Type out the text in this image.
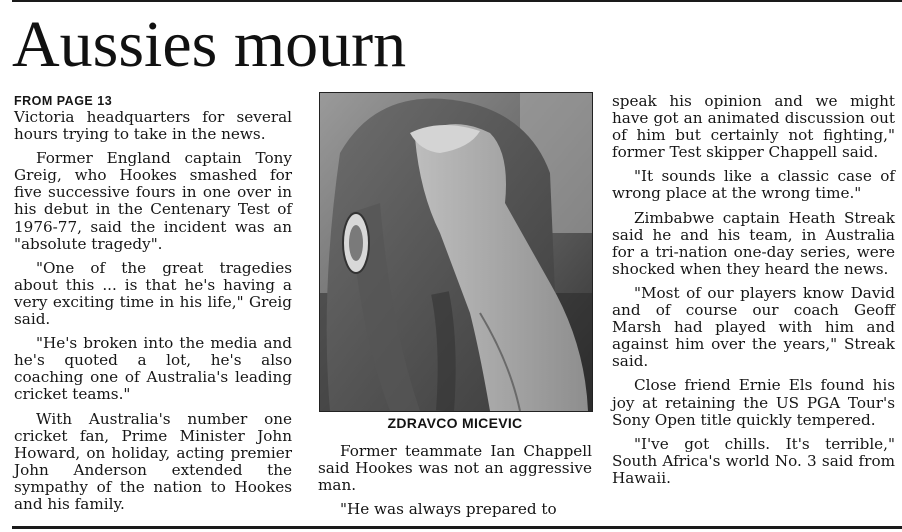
Aussies mourn
FROM PAGE 13

Victoria headquarters for several hours trying to take in the news.

Former England captain Tony Greig, who Hookes smashed for five successive fours in one over in his debut in the Centenary Test of 1976-77, said the incident was an "absolute tragedy".

"One of the great tragedies about this ... is that he's having a very exciting time in his life," Greig said.

"He's broken into the media and he's quoted a lot, he's also coaching one of Australia's leading cricket teams."

With Australia's number one cricket fan, Prime Minister John Howard, on holiday, acting premier John Anderson extended the sympathy of the nation to Hookes and his family.

ZDRAVCO MICEVIC

Former teammate Ian Chappell said Hookes was not an aggressive man.

"He was always prepared to

speak his opinion and we might have got an animated discussion out of him but certainly not fighting," former Test skipper Chappell said.

"It sounds like a classic case of wrong place at the wrong time."

Zimbabwe captain Heath Streak said he and his team, in Australia for a tri-nation one-day series, were shocked when they heard the news.

"Most of our players know David and of course our coach Geoff Marsh had played with him and against him over the years," Streak said.

Close friend Ernie Els found his joy at retaining the US PGA Tour's Sony Open title quickly tempered.

"I've got chills. It's terrible," South Africa's world No. 3 said from Hawaii.
